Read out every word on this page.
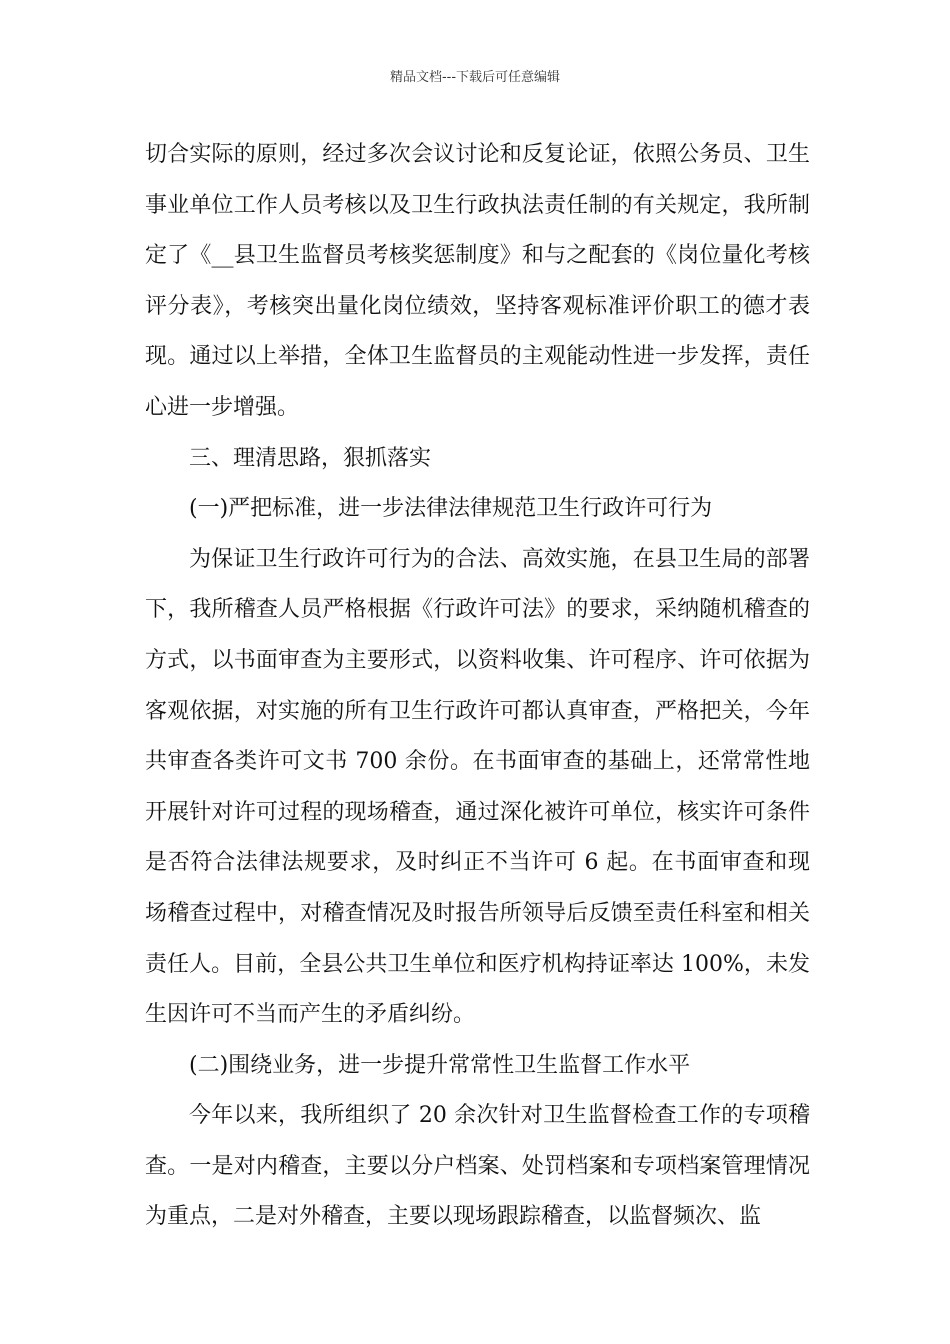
精品文档---下载后可任意编辑

切合实际的原则，经过多次会议讨论和反复论证，依照公务员、卫生事业单位工作人员考核以及卫生行政执法责任制的有关规定，我所制定了《__县卫生监督员考核奖惩制度》和与之配套的《岗位量化考核评分表》，考核突出量化岗位绩效，坚持客观标准评价职工的德才表现。通过以上举措，全体卫生监督员的主观能动性进一步发挥，责任心进一步增强。

三、理清思路，狠抓落实

(一)严把标准，进一步法律法律规范卫生行政许可行为

为保证卫生行政许可行为的合法、高效实施，在县卫生局的部署下，我所稽查人员严格根据《行政许可法》的要求，采纳随机稽查的方式，以书面审查为主要形式，以资料收集、许可程序、许可依据为客观依据，对实施的所有卫生行政许可都认真审查，严格把关，今年共审查各类许可文书 700 余份。在书面审查的基础上，还常常性地开展针对许可过程的现场稽查，通过深化被许可单位，核实许可条件是否符合法律法规要求，及时纠正不当许可 6 起。在书面审查和现场稽查过程中，对稽查情况及时报告所领导后反馈至责任科室和相关责任人。目前，全县公共卫生单位和医疗机构持证率达 100%，未发生因许可不当而产生的矛盾纠纷。

(二)围绕业务，进一步提升常常性卫生监督工作水平

今年以来，我所组织了 20 余次针对卫生监督检查工作的专项稽查。一是对内稽查，主要以分户档案、处罚档案和专项档案管理情况为重点，二是对外稽查，主要以现场跟踪稽查，以监督频次、监
